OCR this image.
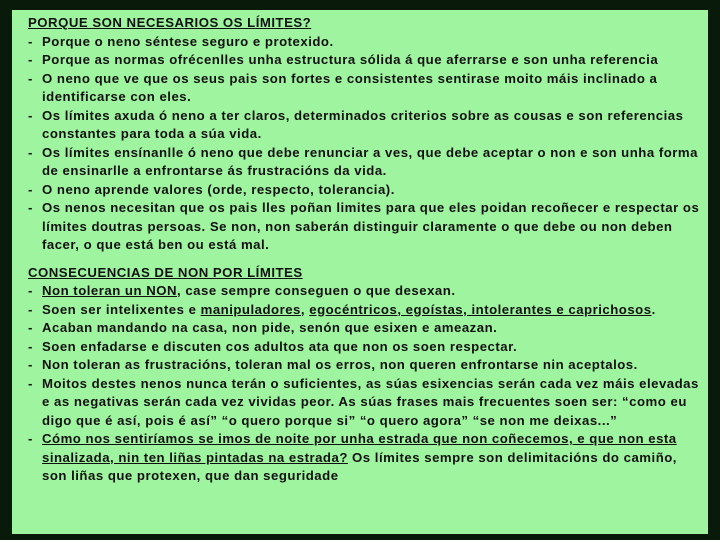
PORQUE SON NECESARIOS OS LÍMITES?
- Porque o neno séntese seguro e protexido.
- Porque as normas ofrécenlles unha estructura sólida á que aferrarse e son unha referencia
- O neno que ve que os seus pais son fortes e consistentes sentirase moito máis inclinado a identificarse con eles.
- Os límites axuda ó neno a ter claros, determinados criterios sobre as cousas e son referencias constantes para toda a súa vida.
- Os límites ensínanlle ó neno que debe renunciar a ves, que debe aceptar o non e son unha forma de ensinarlle a enfrontarse ás frustracións da vida.
- O neno aprende valores (orde, respecto, tolerancia).
- Os nenos necesitan que os pais lles poñan limites para que eles poidan recoñecer e respectar os límites doutras persoas. Se non, non saberán distinguir claramente o que debe ou non deben facer, o que está ben ou está mal.
CONSECUENCIAS DE NON POR LÍMITES
- Non toleran un NON, case sempre conseguen o que desexan.
- Soen ser intelixentes e manipuladores, egocéntricos, egoístas, intolerantes e caprichosos.
- Acaban mandando na casa, non pide, senón que esixen e ameazan.
- Soen enfadarse e discuten cos adultos ata que non os soen respectar.
- Non toleran as frustracións, toleran mal os erros, non queren enfrontarse nin aceptalos.
- Moitos destes nenos nunca terán o suficientes, as súas esixencias serán cada vez máis elevadas e as negativas serán cada vez vividas peor. As súas frases mais frecuentes soen ser: “como eu digo que é así, pois é así” “o quero porque si” “o quero agora” “se non me deixas...”
- Cómo nos sentiríamos se imos de noite por unha estrada que non coñecemos, e que non esta sinalizada, nin ten liñas pintadas na estrada? Os límites sempre son delimitacións do camiño, son liñas que protexen, que dan seguridade
